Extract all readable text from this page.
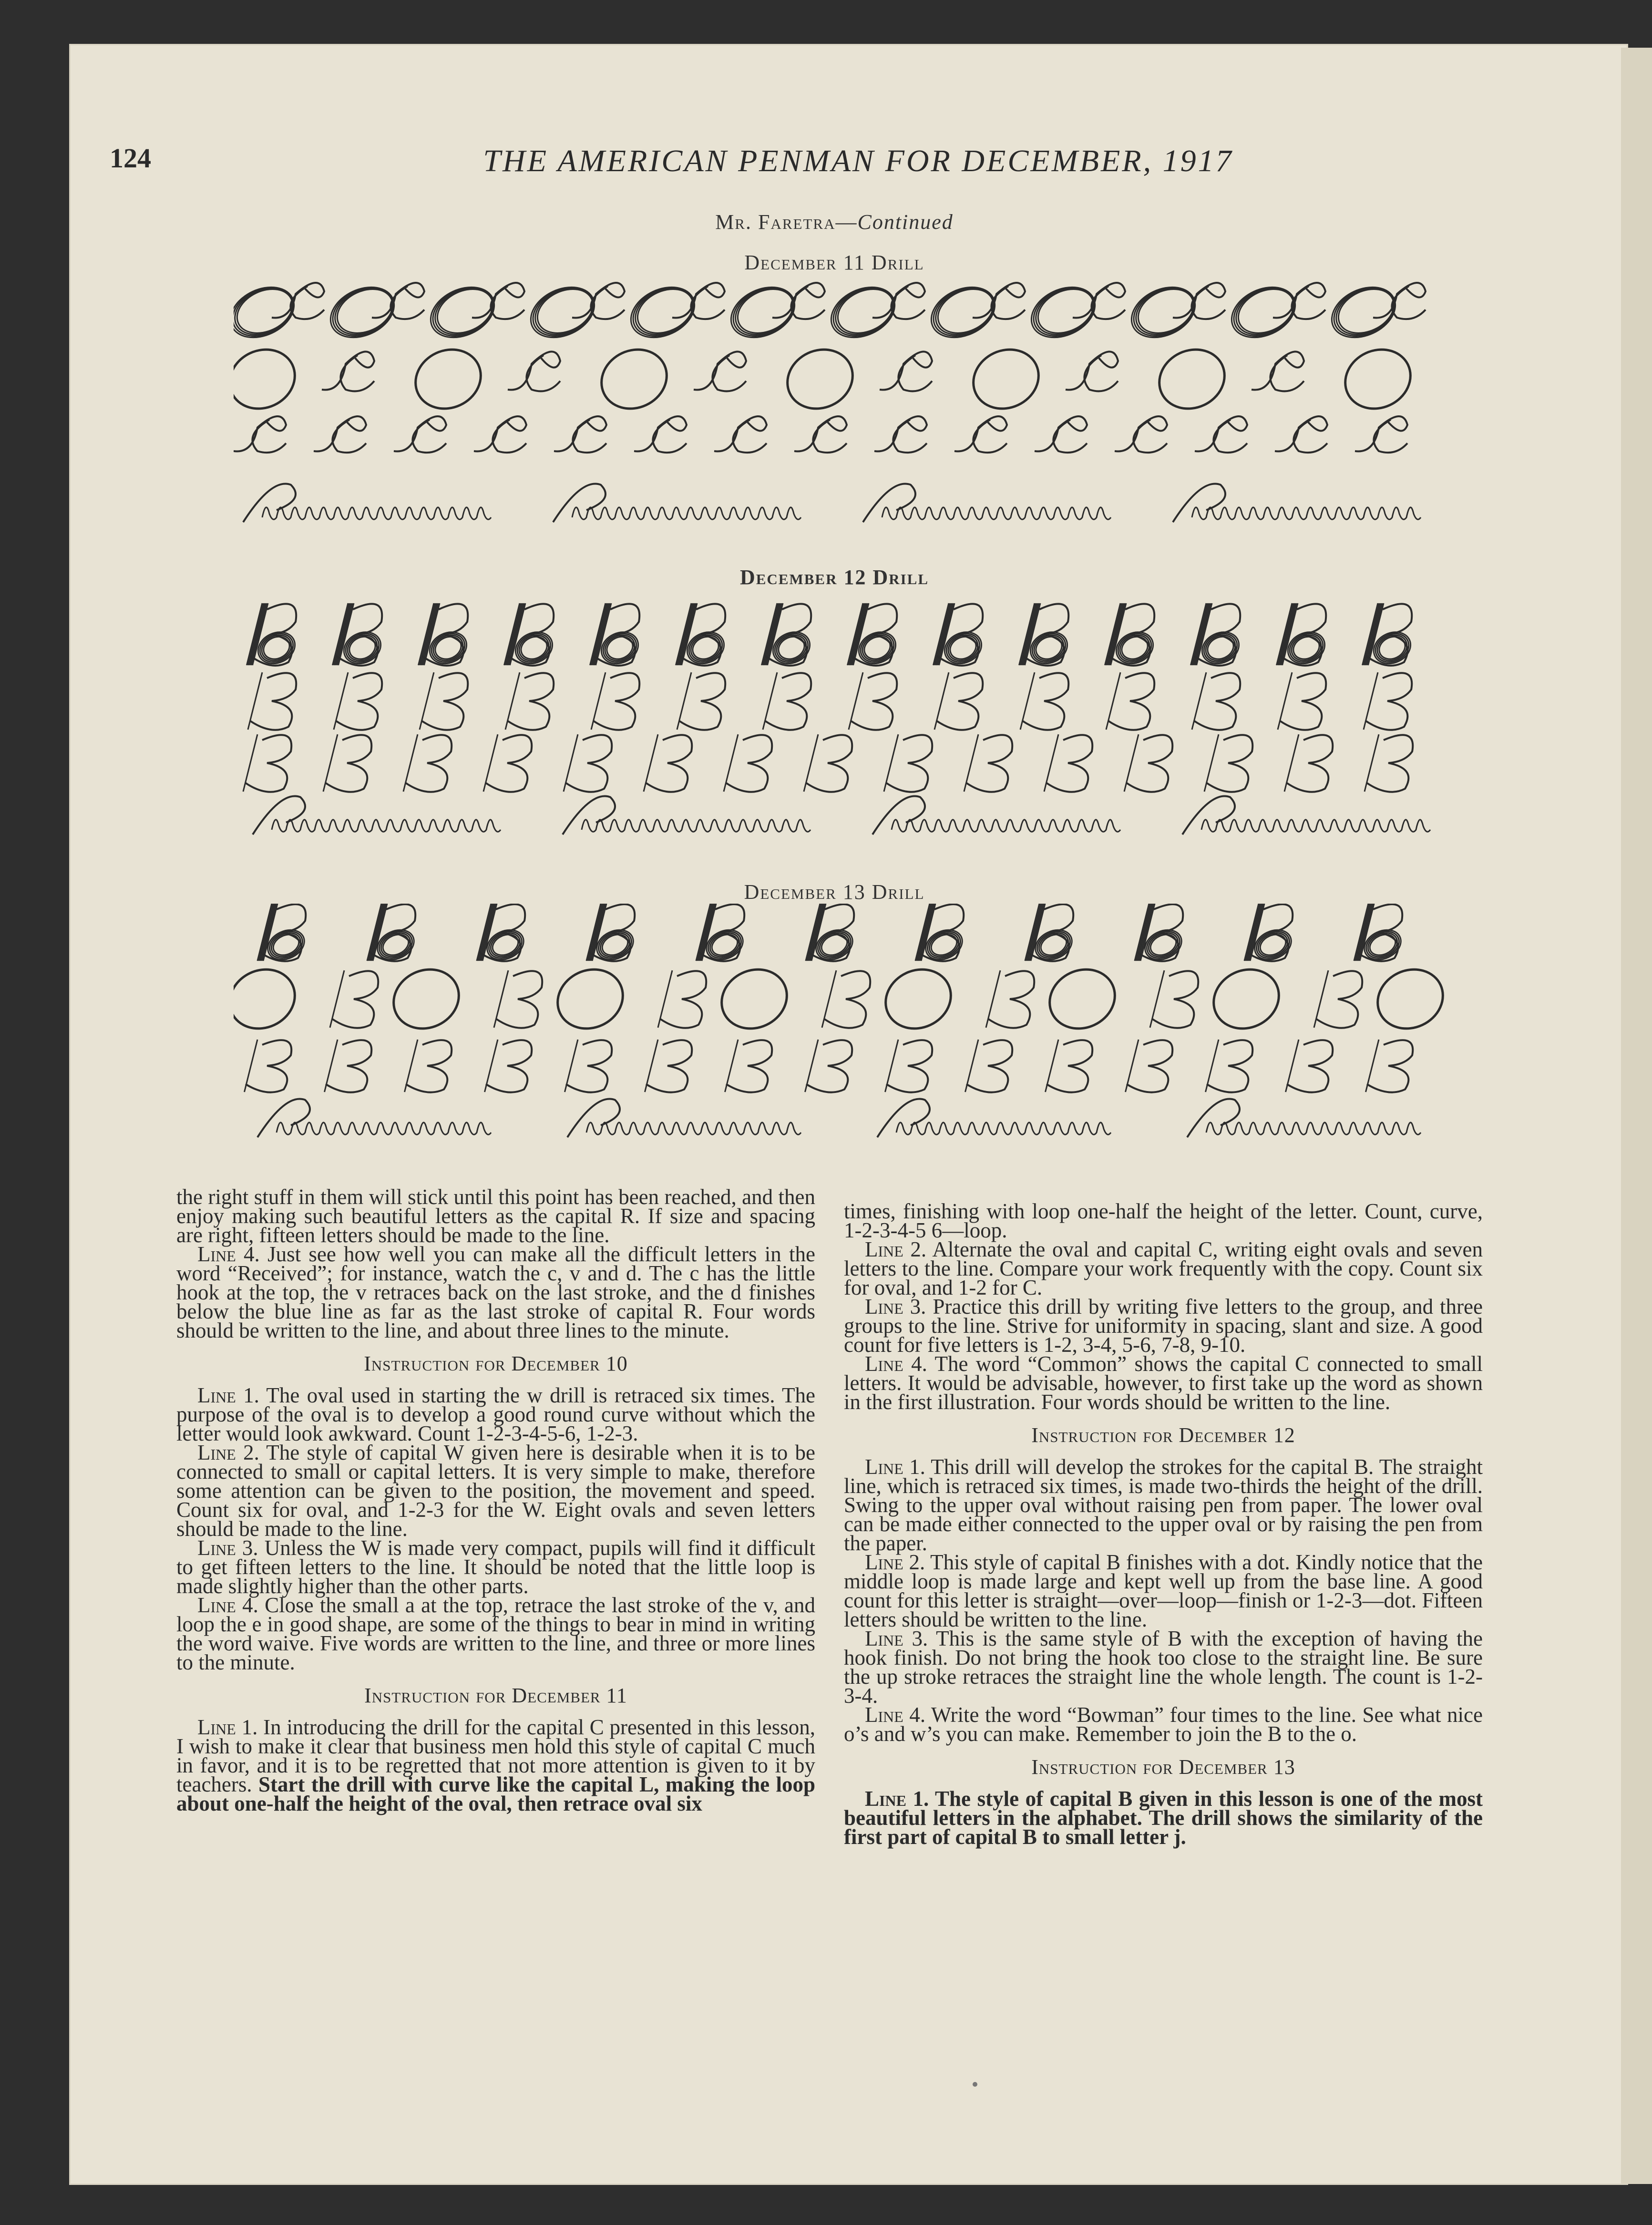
124	THE AMERICAN PENMAN FOR DECEMBER, 1917
Mr. Faretra—Continued
December 11 Drill
December 12 Drill
December 13 Drill

the right stuff in them will stick until this point has been reached, and then enjoy making such beautiful letters as the capital R. If size and spacing are right, fifteen letters should be made to the line.

Line 4. Just see how well you can make all the difficult letters in the word “Received”; for instance, watch the c, v and d. The c has the little hook at the top, the v retraces back on the last stroke, and the d finishes below the blue line as far as the last stroke of capital R. Four words should be written to the line, and about three lines to the minute.

Instruction for December 10

Line 1. The oval used in starting the w drill is retraced six times. The purpose of the oval is to develop a good round curve without which the letter would look awkward. Count 1-2-3-4-5-6, 1-2-3.

Line 2. The style of capital W given here is desirable when it is to be connected to small or capital letters. It is very simple to make, therefore some attention can be given to the position, the movement and speed. Count six for oval, and 1-2-3 for the W. Eight ovals and seven letters should be made to the line.

Line 3. Unless the W is made very compact, pupils will find it difficult to get fifteen letters to the line. It should be noted that the little loop is made slightly higher than the other parts.

Line 4. Close the small a at the top, retrace the last stroke of the v, and loop the e in good shape, are some of the things to bear in mind in writing the word waive. Five words are written to the line, and three or more lines to the minute.

Instruction for December 11

Line 1. In introducing the drill for the capital C presented in this lesson, I wish to make it clear that business men hold this style of capital C much in favor, and it is to be regretted that not more attention is given to it by teachers. Start the drill with curve like the capital L, making the loop about one-half the height of the oval, then retrace oval six

times, finishing with loop one-half the height of the letter. Count, curve, 1-2-3-4-5 6—loop.

Line 2. Alternate the oval and capital C, writing eight ovals and seven letters to the line. Compare your work frequently with the copy. Count six for oval, and 1-2 for C.

Line 3. Practice this drill by writing five letters to the group, and three groups to the line. Strive for uniformity in spacing, slant and size. A good count for five letters is 1-2, 3-4, 5-6, 7-8, 9-10.

Line 4. The word “Common” shows the capital C connected to small letters. It would be advisable, however, to first take up the word as shown in the first illustration. Four words should be written to the line.

Instruction for December 12

Line 1. This drill will develop the strokes for the capital B. The straight line, which is retraced six times, is made two-thirds the height of the drill. Swing to the upper oval without raising pen from paper. The lower oval can be made either connected to the upper oval or by raising the pen from the paper.

Line 2. This style of capital B finishes with a dot. Kindly notice that the middle loop is made large and kept well up from the base line. A good count for this letter is straight—over—loop—finish or 1-2-3—dot. Fifteen letters should be written to the line.

Line 3. This is the same style of B with the exception of having the hook finish. Do not bring the hook too close to the straight line. Be sure the up stroke retraces the straight line the whole length. The count is 1-2-3-4.

Line 4. Write the word “Bowman” four times to the line. See what nice o’s and w’s you can make. Remember to join the B to the o.

Instruction for December 13

Line 1. The style of capital B given in this lesson is one of the most beautiful letters in the alphabet. The drill shows the similarity of the first part of capital B to small letter j.
